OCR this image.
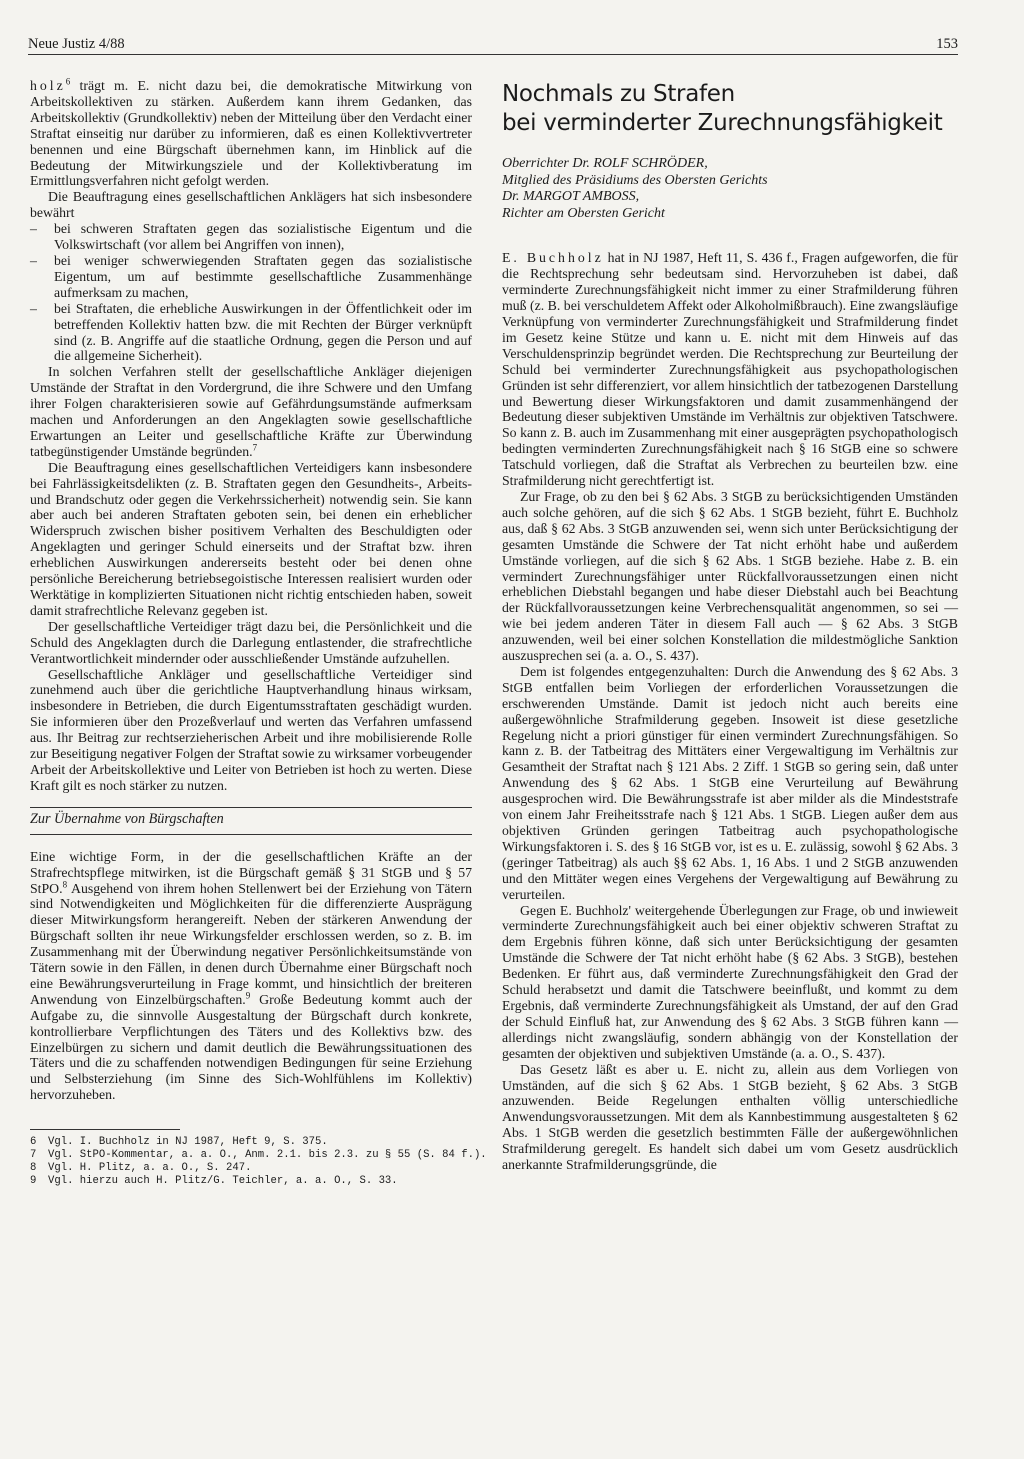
Neue Justiz 4/88	153

holz$^6$ trägt m. E. nicht dazu bei, die demokratische Mitwirkung von Arbeitskollektiven zu stärken. Außerdem kann ihrem Gedanken, das Arbeitskollektiv (Grundkollektiv) neben der Mitteilung über den Verdacht einer Straftat einseitig nur darüber zu informieren, daß es einen Kollektivvertreter benennen und eine Bürgschaft übernehmen kann, im Hinblick auf die Bedeutung der Mitwirkungsziele und der Kollektivberatung im Ermittlungsverfahren nicht gefolgt werden.

Die Beauftragung eines gesellschaftlichen Anklägers hat sich insbesondere bewährt

– bei schweren Straftaten gegen das sozialistische Eigentum und die Volkswirtschaft (vor allem bei Angriffen von innen),
– bei weniger schwerwiegenden Straftaten gegen das sozialistische Eigentum, um auf bestimmte gesellschaftliche Zusammenhänge aufmerksam zu machen,
– bei Straftaten, die erhebliche Auswirkungen in der Öffentlichkeit oder im betreffenden Kollektiv hatten bzw. die mit Rechten der Bürger verknüpft sind (z. B. Angriffe auf die staatliche Ordnung, gegen die Person und auf die allgemeine Sicherheit).

In solchen Verfahren stellt der gesellschaftliche Ankläger diejenigen Umstände der Straftat in den Vordergrund, die ihre Schwere und den Umfang ihrer Folgen charakterisieren sowie auf Gefährdungsumstände aufmerksam machen und Anforderungen an den Angeklagten sowie gesellschaftliche Erwartungen an Leiter und gesellschaftliche Kräfte zur Überwindung tatbegünstigender Umstände begründen.$^7$

Die Beauftragung eines gesellschaftlichen Verteidigers kann insbesondere bei Fahrlässigkeitsdelikten (z. B. Straftaten gegen den Gesundheits-, Arbeits- und Brandschutz oder gegen die Verkehrssicherheit) notwendig sein. Sie kann aber auch bei anderen Straftaten geboten sein, bei denen ein erheblicher Widerspruch zwischen bisher positivem Verhalten des Beschuldigten oder Angeklagten und geringer Schuld einerseits und der Straftat bzw. ihren erheblichen Auswirkungen andererseits besteht oder bei denen ohne persönliche Bereicherung betriebsegoistische Interessen realisiert wurden oder Werktätige in komplizierten Situationen nicht richtig entschieden haben, soweit damit strafrechtliche Relevanz gegeben ist.

Der gesellschaftliche Verteidiger trägt dazu bei, die Persönlichkeit und die Schuld des Angeklagten durch die Darlegung entlastender, die strafrechtliche Verantwortlichkeit mindernder oder ausschließender Umstände aufzuhellen.

Gesellschaftliche Ankläger und gesellschaftliche Verteidiger sind zunehmend auch über die gerichtliche Hauptverhandlung hinaus wirksam, insbesondere in Betrieben, die durch Eigentumsstraftaten geschädigt wurden. Sie informieren über den Prozeßverlauf und werten das Verfahren umfassend aus. Ihr Beitrag zur rechtserzieherischen Arbeit und ihre mobilisierende Rolle zur Beseitigung negativer Folgen der Straftat sowie zu wirksamer vorbeugender Arbeit der Arbeitskollektive und Leiter von Betrieben ist hoch zu werten. Diese Kraft gilt es noch stärker zu nutzen.

Zur Übernahme von Bürgschaften

Eine wichtige Form, in der die gesellschaftlichen Kräfte an der Strafrechtspflege mitwirken, ist die Bürgschaft gemäß § 31 StGB und § 57 StPO.$^8$ Ausgehend von ihrem hohen Stellenwert bei der Erziehung von Tätern sind Notwendigkeiten und Möglichkeiten für die differenzierte Ausprägung dieser Mitwirkungsform herangereift. Neben der stärkeren Anwendung der Bürgschaft sollten ihr neue Wirkungsfelder erschlossen werden, so z. B. im Zusammenhang mit der Überwindung negativer Persönlichkeitsumstände von Tätern sowie in den Fällen, in denen durch Übernahme einer Bürgschaft noch eine Bewährungsverurteilung in Frage kommt, und hinsichtlich der breiteren Anwendung von Einzelbürgschaften.$^9$ Große Bedeutung kommt auch der Aufgabe zu, die sinnvolle Ausgestaltung der Bürgschaft durch konkrete, kontrollierbare Verpflichtungen des Täters und des Kollektivs bzw. des Einzelbürgen zu sichern und damit deutlich die Bewährungssituationen des Täters und die zu schaffenden notwendigen Bedingungen für seine Erziehung und Selbsterziehung (im Sinne des Sich-Wohlfühlens im Kollektiv) hervorzuheben.

6 Vgl. I. Buchholz in NJ 1987, Heft 9, S. 375.
7 Vgl. StPO-Kommentar, a. a. O., Anm. 2.1. bis 2.3. zu § 55 (S. 84 f.).
8 Vgl. H. Plitz, a. a. O., S. 247.
9 Vgl. hierzu auch H. Plitz/G. Teichler, a. a. O., S. 33.
Nochmals zu Strafen
bei verminderter Zurechnungsfähigkeit
Oberrichter Dr. ROLF SCHRÖDER,
Mitglied des Präsidiums des Obersten Gerichts
Dr. MARGOT AMBOSS,
Richter am Obersten Gericht

E. Buchholz hat in NJ 1987, Heft 11, S. 436 f., Fragen aufgeworfen, die für die Rechtsprechung sehr bedeutsam sind. Hervorzuheben ist dabei, daß verminderte Zurechnungsfähigkeit nicht immer zu einer Strafmilderung führen muß (z. B. bei verschuldetem Affekt oder Alkoholmißbrauch). Eine zwangsläufige Verknüpfung von verminderter Zurechnungsfähigkeit und Strafmilderung findet im Gesetz keine Stütze und kann u. E. nicht mit dem Hinweis auf das Verschuldensprinzip begründet werden. Die Rechtsprechung zur Beurteilung der Schuld bei verminderter Zurechnungsfähigkeit aus psychopathologischen Gründen ist sehr differenziert, vor allem hinsichtlich der tatbezogenen Darstellung und Bewertung dieser Wirkungsfaktoren und damit zusammenhängend der Bedeutung dieser subjektiven Umstände im Verhältnis zur objektiven Tatschwere. So kann z. B. auch im Zusammenhang mit einer ausgeprägten psychopathologisch bedingten verminderten Zurechnungsfähigkeit nach § 16 StGB eine so schwere Tatschuld vorliegen, daß die Straftat als Verbrechen zu beurteilen bzw. eine Strafmilderung nicht gerechtfertigt ist.

Zur Frage, ob zu den bei § 62 Abs. 3 StGB zu berücksichtigenden Umständen auch solche gehören, auf die sich § 62 Abs. 1 StGB bezieht, führt E. Buchholz aus, daß § 62 Abs. 3 StGB anzuwenden sei, wenn sich unter Berücksichtigung der gesamten Umstände die Schwere der Tat nicht erhöht habe und außerdem Umstände vorliegen, auf die sich § 62 Abs. 1 StGB beziehe. Habe z. B. ein vermindert Zurechnungsfähiger unter Rückfallvoraussetzungen einen nicht erheblichen Diebstahl begangen und habe dieser Diebstahl auch bei Beachtung der Rückfallvoraussetzungen keine Verbrechensqualität angenommen, so sei — wie bei jedem anderen Täter in diesem Fall auch — § 62 Abs. 3 StGB anzuwenden, weil bei einer solchen Konstellation die mildestmögliche Sanktion auszusprechen sei (a. a. O., S. 437).

Dem ist folgendes entgegenzuhalten: Durch die Anwendung des § 62 Abs. 3 StGB entfallen beim Vorliegen der erforderlichen Voraussetzungen die erschwerenden Umstände. Damit ist jedoch nicht auch bereits eine außergewöhnliche Strafmilderung gegeben. Insoweit ist diese gesetzliche Regelung nicht a priori günstiger für einen vermindert Zurechnungsfähigen. So kann z. B. der Tatbeitrag des Mittäters einer Vergewaltigung im Verhältnis zur Gesamtheit der Straftat nach § 121 Abs. 2 Ziff. 1 StGB so gering sein, daß unter Anwendung des § 62 Abs. 1 StGB eine Verurteilung auf Bewährung ausgesprochen wird. Die Bewährungsstrafe ist aber milder als die Mindeststrafe von einem Jahr Freiheitsstrafe nach § 121 Abs. 1 StGB. Liegen außer dem aus objektiven Gründen geringen Tatbeitrag auch psychopathologische Wirkungsfaktoren i. S. des § 16 StGB vor, ist es u. E. zulässig, sowohl § 62 Abs. 3 (geringer Tatbeitrag) als auch §§ 62 Abs. 1, 16 Abs. 1 und 2 StGB anzuwenden und den Mittäter wegen eines Vergehens der Vergewaltigung auf Bewährung zu verurteilen.

Gegen E. Buchholz' weitergehende Überlegungen zur Frage, ob und inwieweit verminderte Zurechnungsfähigkeit auch bei einer objektiv schweren Straftat zu dem Ergebnis führen könne, daß sich unter Berücksichtigung der gesamten Umstände die Schwere der Tat nicht erhöht habe (§ 62 Abs. 3 StGB), bestehen Bedenken. Er führt aus, daß verminderte Zurechnungsfähigkeit den Grad der Schuld herabsetzt und damit die Tatschwere beeinflußt, und kommt zu dem Ergebnis, daß verminderte Zurechnungsfähigkeit als Umstand, der auf den Grad der Schuld Einfluß hat, zur Anwendung des § 62 Abs. 3 StGB führen kann — allerdings nicht zwangsläufig, sondern abhängig von der Konstellation der gesamten der objektiven und subjektiven Umstände (a. a. O., S. 437).

Das Gesetz läßt es aber u. E. nicht zu, allein aus dem Vorliegen von Umständen, auf die sich § 62 Abs. 1 StGB bezieht, § 62 Abs. 3 StGB anzuwenden. Beide Regelungen enthalten völlig unterschiedliche Anwendungsvoraussetzungen. Mit dem als Kannbestimmung ausgestalteten § 62 Abs. 1 StGB werden die gesetzlich bestimmten Fälle der außergewöhnlichen Strafmilderung geregelt. Es handelt sich dabei um vom Gesetz ausdrücklich anerkannte Strafmilderungsgründe, die
